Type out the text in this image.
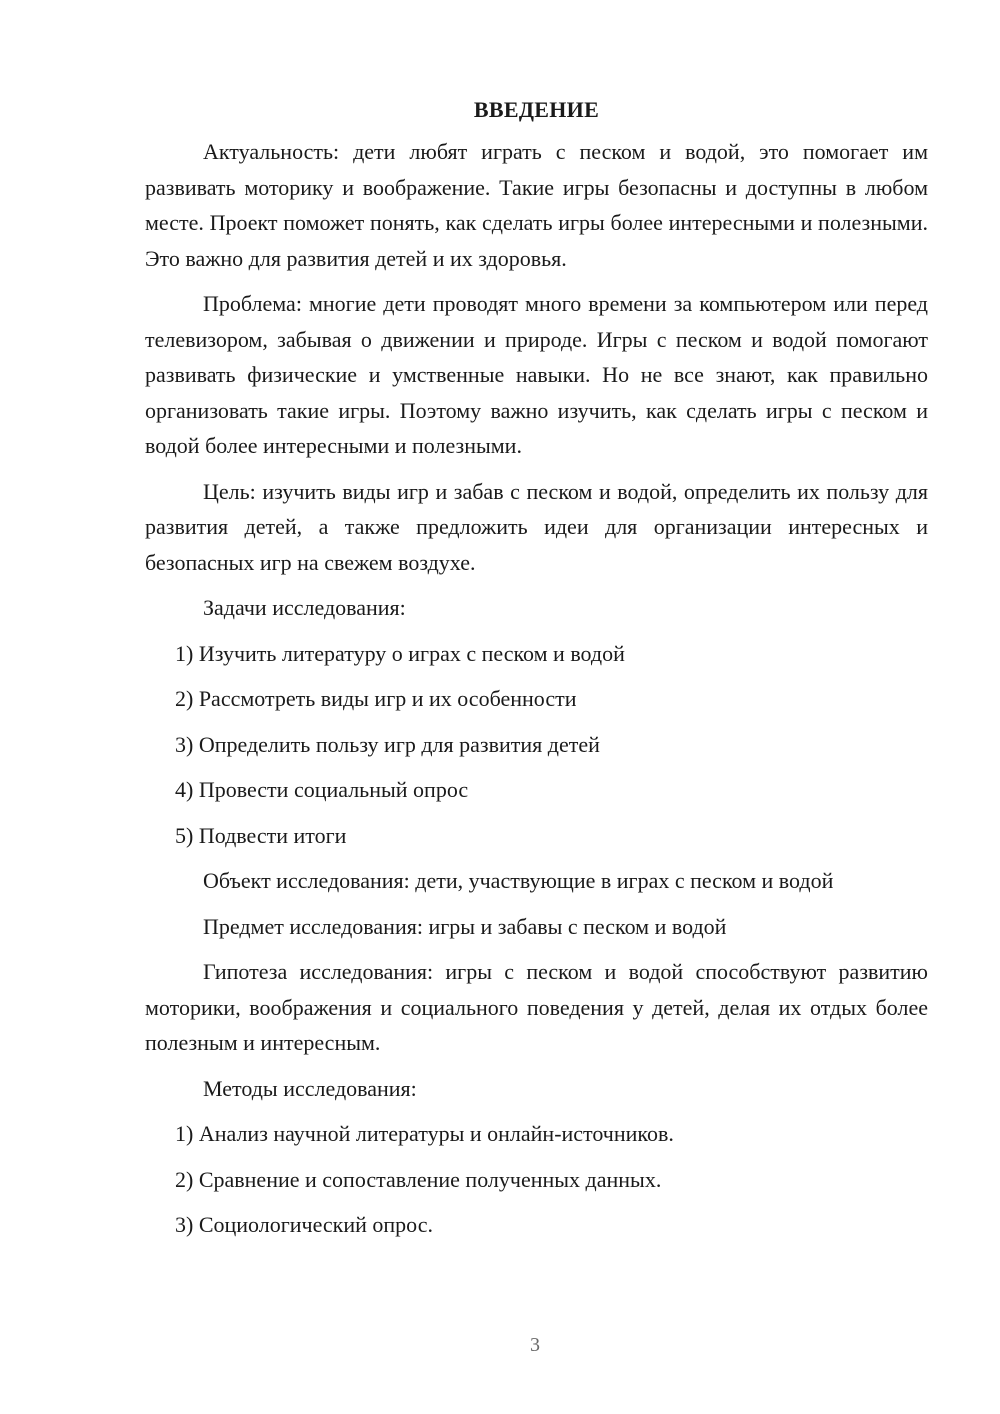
ВВЕДЕНИЕ

Актуальность: дети любят играть с песком и водой, это помогает им развивать моторику и воображение. Такие игры безопасны и доступны в любом месте. Проект поможет понять, как сделать игры более интересными и полезными. Это важно для развития детей и их здоровья.

Проблема: многие дети проводят много времени за компьютером или перед телевизором, забывая о движении и природе. Игры с песком и водой помогают развивать физические и умственные навыки. Но не все знают, как правильно организовать такие игры. Поэтому важно изучить, как сделать игры с песком и водой более интересными и полезными.

Цель: изучить виды игр и забав с песком и водой, определить их пользу для развития детей, а также предложить идеи для организации интересных и безопасных игр на свежем воздухе.

Задачи исследования:

1) Изучить литературу о играх с песком и водой

2) Рассмотреть виды игр и их особенности

3) Определить пользу игр для развития детей

4) Провести социальный опрос

5) Подвести итоги

Объект исследования: дети, участвующие в играх с песком и водой

Предмет исследования: игры и забавы с песком и водой

Гипотеза исследования: игры с песком и водой способствуют развитию моторики, воображения и социального поведения у детей, делая их отдых более полезным и интересным.

Методы исследования:

1) Анализ научной литературы и онлайн-источников.

2) Сравнение и сопоставление полученных данных.

3) Социологический опрос.

3
